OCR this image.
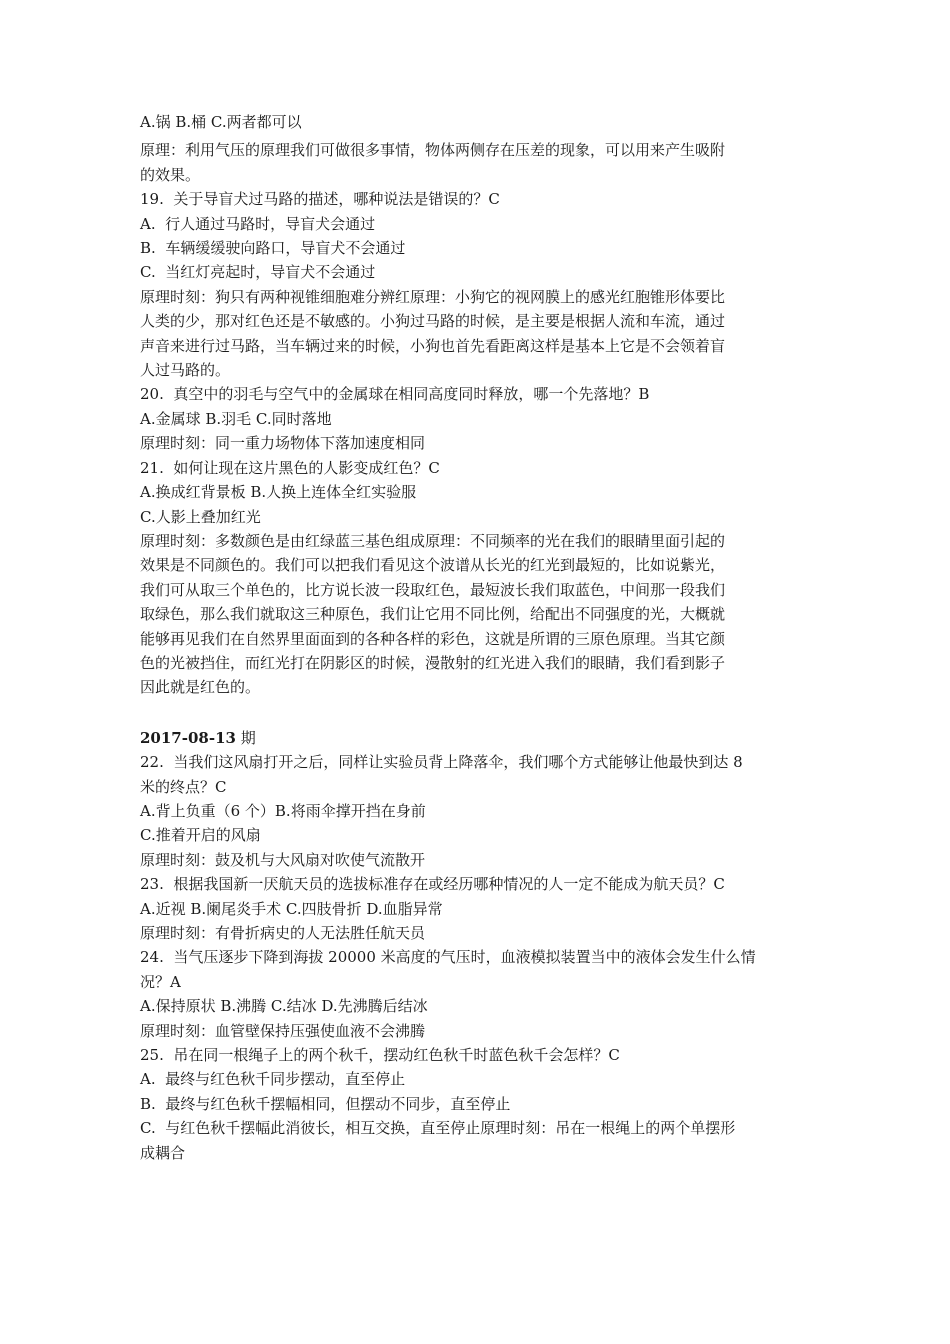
A.锅 B.桶 C.两者都可以
原理：利用气压的原理我们可做很多事情，物体两侧存在压差的现象，可以用来产生吸附
的效果。
19.  关于导盲犬过马路的描述，哪种说法是错误的？C
A.  行人通过马路时，导盲犬会通过
B.  车辆缓缓驶向路口，导盲犬不会通过
C.  当红灯亮起时，导盲犬不会通过
原理时刻：狗只有两种视锥细胞难分辨红原理：小狗它的视网膜上的感光红胞锥形体要比
人类的少，那对红色还是不敏感的。小狗过马路的时候，是主要是根据人流和车流，通过
声音来进行过马路，当车辆过来的时候，小狗也首先看距离这样是基本上它是不会领着盲
人过马路的。
20.  真空中的羽毛与空气中的金属球在相同高度同时释放，哪一个先落地？B
A.金属球 B.羽毛 C.同时落地
原理时刻：同一重力场物体下落加速度相同
21.  如何让现在这片黑色的人影变成红色？C
A.换成红背景板 B.人换上连体全红实验服
C.人影上叠加红光
原理时刻：多数颜色是由红绿蓝三基色组成原理：不同频率的光在我们的眼睛里面引起的
效果是不同颜色的。我们可以把我们看见这个波谱从长光的红光到最短的，比如说紫光，
我们可从取三个单色的，比方说长波一段取红色，最短波长我们取蓝色，中间那一段我们
取绿色，那么我们就取这三种原色，我们让它用不同比例，给配出不同强度的光，大概就
能够再见我们在自然界里面面到的各种各样的彩色，这就是所谓的三原色原理。当其它颜
色的光被挡住，而红光打在阴影区的时候，漫散射的红光进入我们的眼睛，我们看到影子
因此就是红色的。
2017-08-13 期
22.  当我们这风扇打开之后，同样让实验员背上降落伞，我们哪个方式能够让他最快到达 8
米的终点？C
A.背上负重（6 个）B.将雨伞撑开挡在身前
C.推着开启的风扇
原理时刻：鼓及机与大风扇对吹使气流散开
23.  根据我国新一厌航天员的选拔标准存在或经历哪种情况的人一定不能成为航天员？C
A.近视 B.阑尾炎手术 C.四肢骨折 D.血脂异常
原理时刻：有骨折病史的人无法胜任航天员
24.  当气压逐步下降到海拔 20000 米高度的气压时，血液模拟装置当中的液体会发生什么情
况？A
A.保持原状 B.沸腾 C.结冰 D.先沸腾后结冰
原理时刻：血管壁保持压强使血液不会沸腾
25.  吊在同一根绳子上的两个秋千，摆动红色秋千时蓝色秋千会怎样？C
A.  最终与红色秋千同步摆动，直至停止
B.  最终与红色秋千摆幅相同，但摆动不同步，直至停止
C.  与红色秋千摆幅此消彼长，相互交换，直至停止原理时刻：吊在一根绳上的两个单摆形
成耦合
